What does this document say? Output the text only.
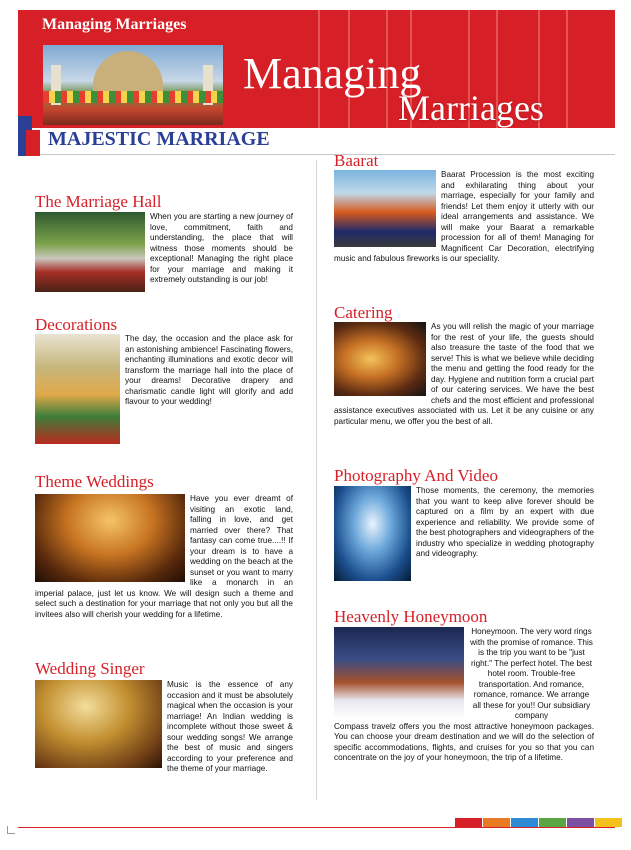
Managing Marriages
Managing
Marriages
MAJESTIC MARRIAGE
The Marriage Hall
When you are starting a new journey of love, commitment, faith and understanding, the place that will witness those moments should be exceptional! Managing the right place for your marriage and making it extremely outstanding is our job!
Decorations
The day, the occasion and the place ask for an astonishing ambience! Fascinating flowers, enchanting illuminations and exotic decor will transform the marriage hall into the place of your dreams! Decorative drapery and charismatic candle light will glorify and add flavour to your wedding!
Theme Weddings
Have you ever dreamt of visiting an exotic land, falling in love, and get married over there? That fantasy can come true....!! If your dream is to have a wedding on the beach at the sunset or you want to marry like a monarch in an imperial palace, just let us know. We will design such a theme and select such a destination for your marriage that not only you but all the invitees also will cherish your wedding for a lifetime.
Wedding Singer
Music is the essence of any occasion and it must be absolutely magical when the occasion is your marriage! An Indian wedding is incomplete without those sweet & sour wedding songs! We arrange the best of music and singers according to your preference and the theme of your marriage.
Baarat
Baarat Procession is the most exciting and exhilarating thing about your marriage, especially for your family and friends! Let them enjoy it utterly with our ideal arrangements and assistance. We will make your Baarat a remarkable procession for all of them! Managing for Magnificent Car Decoration, electrifying music and fabulous fireworks is our speciality.
Catering
As you will relish the magic of your marriage for the rest of your life, the guests should also treasure the taste of the food that we serve! This is what we believe while deciding the menu and getting the food ready for the day. Hygiene and nutrition form a crucial part of our catering services. We have the best chefs and the most efficient and professional assistance executives associated with us. Let it be any cuisine or any particular menu, we offer you the best of all.
Photography And Video
Those moments, the ceremony, the memories that you want to keep alive forever should be captured on a film by an expert with due experience and reliability. We provide some of the best photographers and videographers of the industry who specialize in wedding photography and videography.
Heavenly Honeymoon
Honeymoon. The very word rings with the promise of romance. This is the trip you want to be "just right." The perfect hotel. The best hotel room. Trouble-free transportation. And romance, romance, romance. We arrange all these for you!! Our subsidiary company
Compass travelz offers you the most attractive honeymoon packages. You can choose your dream destination and we will do the selection of specific accommodations, flights, and cruises for you so that you can concentrate on the joy of your honeymoon, the trip of a lifetime.
